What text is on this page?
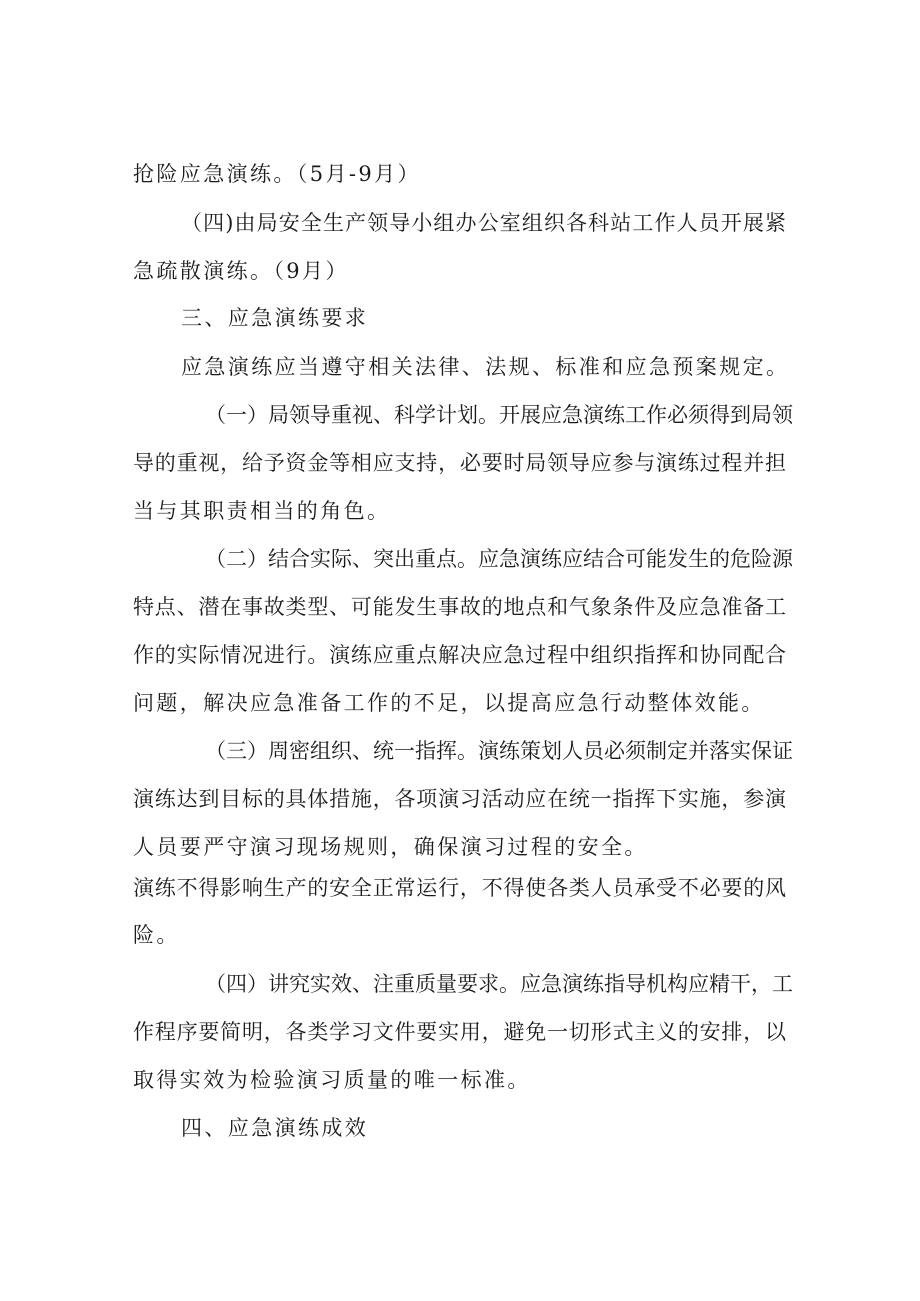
抢险应急演练。（5月-9月）
（四)由局安全生产领导小组办公室组织各科站工作人员开展紧
急疏散演练。（9月）
三、应急演练要求
应急演练应当遵守相关法律、法规、标准和应急预案规定。
（一）局领导重视、科学计划。开展应急演练工作必须得到局领
导的重视，给予资金等相应支持，必要时局领导应参与演练过程并担
当与其职责相当的角色。
（二）结合实际、突出重点。应急演练应结合可能发生的危险源
特点、潜在事故类型、可能发生事故的地点和气象条件及应急准备工
作的实际情况进行。演练应重点解决应急过程中组织指挥和协同配合
问题，解决应急准备工作的不足，以提高应急行动整体效能。
（三）周密组织、统一指挥。演练策划人员必须制定并落实保证
演练达到目标的具体措施，各项演习活动应在统一指挥下实施，参演
人员要严守演习现场规则，确保演习过程的安全。
演练不得影响生产的安全正常运行，不得使各类人员承受不必要的风
险。
（四）讲究实效、注重质量要求。应急演练指导机构应精干，工
作程序要简明，各类学习文件要实用，避免一切形式主义的安排，以
取得实效为检验演习质量的唯一标准。
四、应急演练成效
